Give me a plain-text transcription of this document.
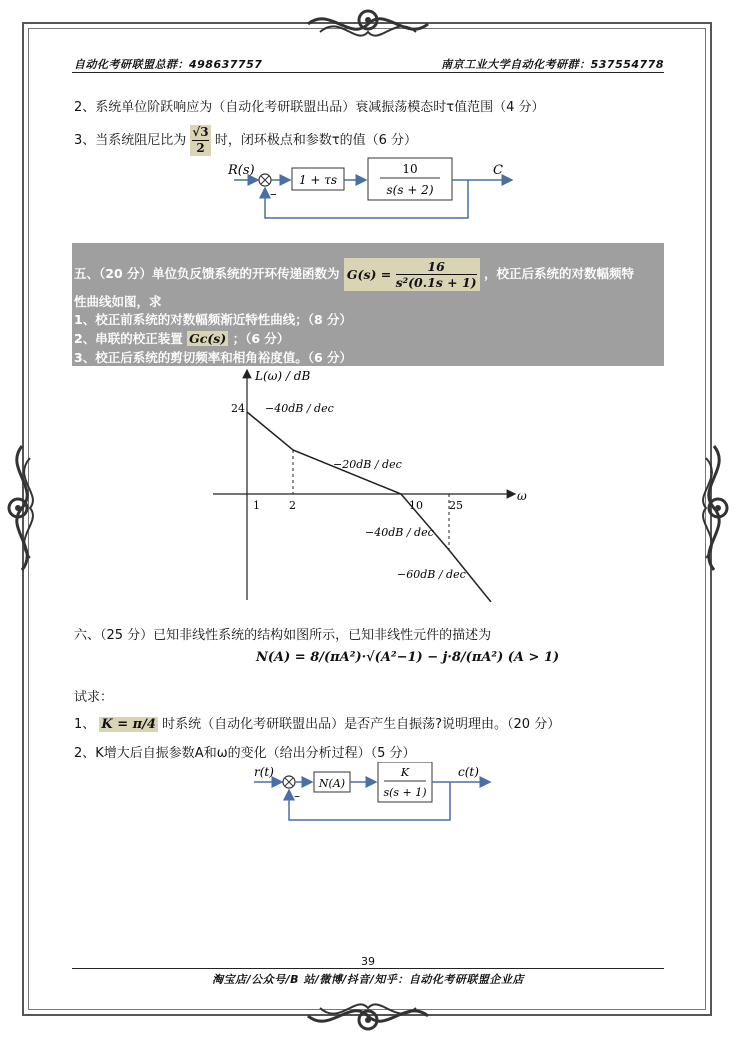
自动化考研联盟总群：498637757	南京工业大学自动化考研群：537554778
2、系统单位阶跃响应为（自动化考研联盟出品）衰减振荡模态时τ值范围（4 分）
3、当系统阻尼比为 $\frac{√3}{2}$ 时，闭环极点和参数τ的值（6 分）
R(s)
–
1 + τs
10
s(s + 2)
C
五、（20 分）单位负反馈系统的开环传递函数为 $G(s) = \frac{16}{\text{s²(0.1s + 1)}}$ ，校正后系统的对数幅频特
性曲线如图，求
1、校正前系统的对数幅频渐近特性曲线；（8 分）
2、串联的校正装置 Gc(s) ；（6 分）
3、校正后系统的剪切频率和相角裕度值。（6 分）
L(ω) / dB
ω
24
1	2	10 25
−40dB / dec
−20dB / dec
−40dB / dec
−60dB / dec
六、（25 分）已知非线性系统的结构如图所示，已知非线性元件的描述为
N(A) = 8/(πA²)·√(A²−1) − j·8/(πA²) (A > 1)
试求：
1、 K = π/4 时系统（自动化考研联盟出品）是否产生自振荡?说明理由。（20 分）
2、K增大后自振参数A和ω的变化（给出分析过程）（5 分）
r(t)
–
N(A)
K
s(s + 1)
c(t)
39
淘宝店/公众号/B 站/微博/抖音/知乎：自动化考研联盟企业店
